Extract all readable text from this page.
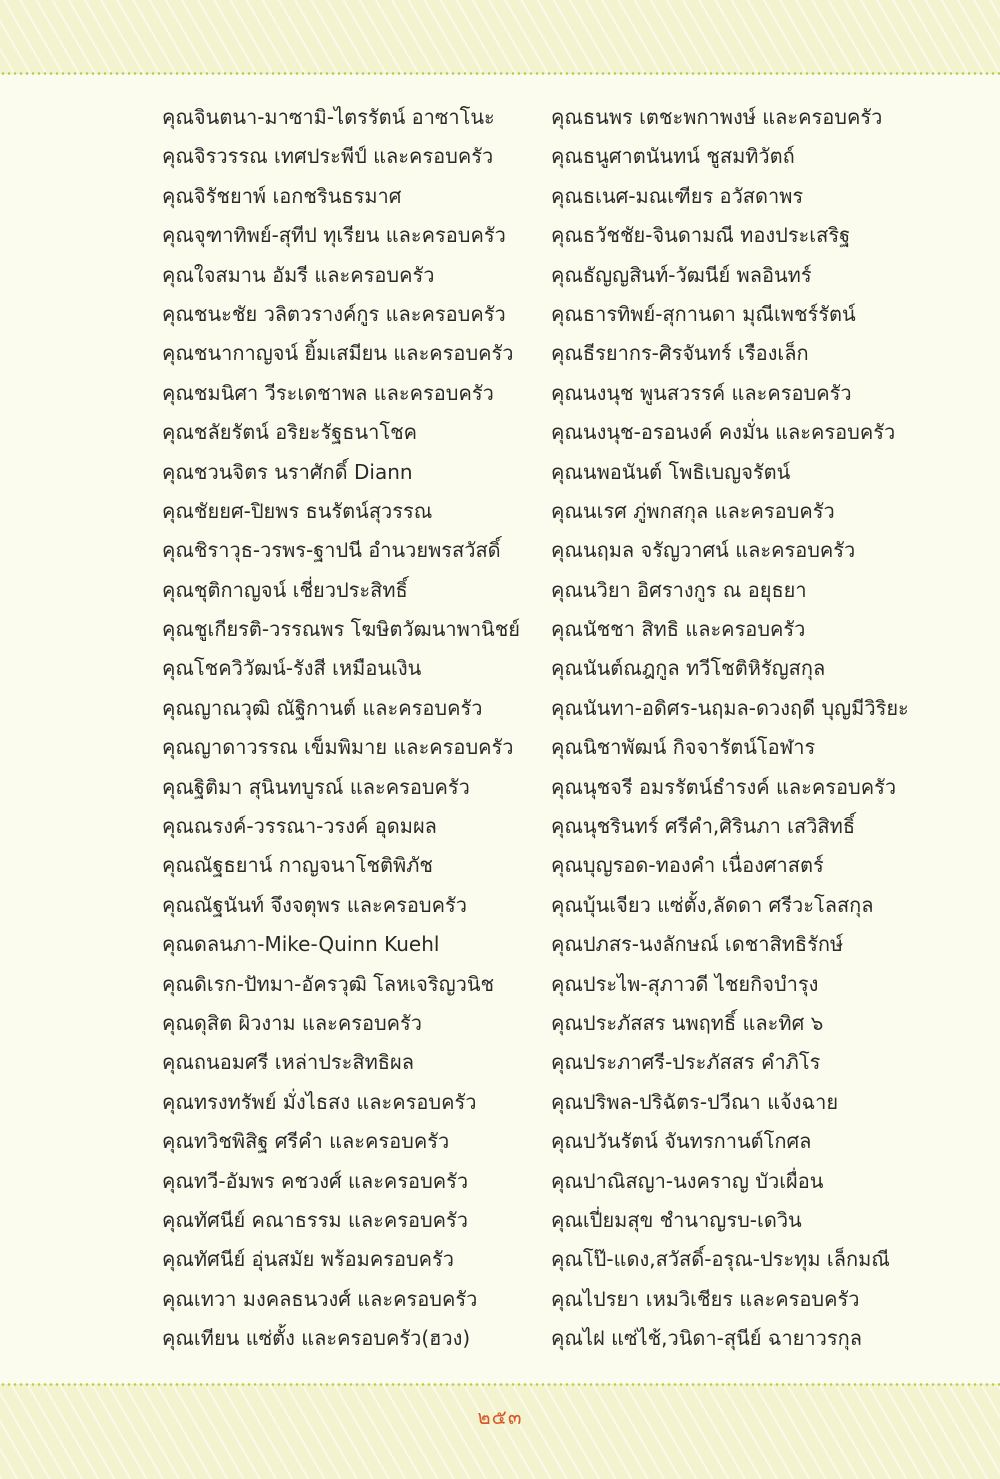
คุณจินตนา-มาซามิ-ไตรรัตน์ อาซาโนะ
คุณจิรวรรณ เทศประพีป์ และครอบครัว
คุณจิรัชยาพ์ เอกชรินธรมาศ
คุณจุฑาทิพย์-สุทีป ทุเรียน และครอบครัว
คุณใจสมาน อัมรี และครอบครัว
คุณชนะชัย วลิตวรางค์กูร และครอบครัว
คุณชนากาญจน์ ยิ้มเสมียน และครอบครัว
คุณชมนิศา วีระเดชาพล และครอบครัว
คุณชลัยรัตน์ อริยะรัฐธนาโชค
คุณชวนจิตร นราศักดิ์ Diann
คุณชัยยศ-ปิยพร ธนรัตน์สุวรรณ
คุณชิราวุธ-วรพร-ฐาปนี อำนวยพรสวัสดิ์
คุณชุติกาญจน์ เชี่ยวประสิทธิ์
คุณชูเกียรติ-วรรณพร โฆษิตวัฒนาพานิชย์
คุณโชควิวัฒน์-รังสี เหมือนเงิน
คุณญาณวุฒิ ณัฐิกานต์ และครอบครัว
คุณญาดาวรรณ เข็มพิมาย และครอบครัว
คุณฐิติมา สุนินทบูรณ์ และครอบครัว
คุณณรงค์-วรรณา-วรงค์ อุดมผล
คุณณัฐธยาน์ กาญจนาโชติพิภัช
คุณณัฐนันท์ จึงจตุพร และครอบครัว
คุณดลนภา-Mike-Quinn Kuehl
คุณดิเรก-ปัทมา-อัครวุฒิ โลหเจริญวนิช
คุณดุสิต ผิวงาม และครอบครัว
คุณถนอมศรี เหล่าประสิทธิผล
คุณทรงทรัพย์ มั่งไธสง และครอบครัว
คุณทวิชพิสิฐ ศรีคำ และครอบครัว
คุณทวี-อัมพร คชวงศ์ และครอบครัว
คุณทัศนีย์ คณาธรรม และครอบครัว
คุณทัศนีย์ อุ่นสมัย พร้อมครอบครัว
คุณเทวา มงคลธนวงศ์ และครอบครัว
คุณเทียน แซ่ตั้ง และครอบครัว(ฮวง)
คุณธนพร เตชะพกาพงษ์ และครอบครัว
คุณธนูศาตนันทน์ ชูสมทิวัตถ์
คุณธเนศ-มณเฑียร อวัสดาพร
คุณธวัชชัย-จินดามณี ทองประเสริฐ
คุณธัญญสินท์-วัฒนีย์ พลอินทร์
คุณธารทิพย์-สุกานดา มุณีเพชร์รัตน์
คุณธีรยากร-ศิรจันทร์ เรืองเล็ก
คุณนงนุช พูนสวรรค์ และครอบครัว
คุณนงนุช-อรอนงค์ คงมั่น และครอบครัว
คุณนพอนันต์ โพธิเบญจรัตน์
คุณนเรศ ภู่พกสกุล และครอบครัว
คุณนฤมล จรัญวาศน์ และครอบครัว
คุณนวิยา อิศรางกูร ณ อยุธยา
คุณนัชชา สิทธิ และครอบครัว
คุณนันต์ณฎกูล ทวีโชติหิรัญสกุล
คุณนันทา-อดิศร-นฤมล-ดวงฤดี บุญมีวิริยะ
คุณนิชาพัฒน์ กิจจารัตน์โอฬาร
คุณนุชจรี อมรรัตน์ธำรงค์ และครอบครัว
คุณนุชรินทร์ ศรีคำ,ศิรินภา เสวิสิทธิ์
คุณบุญรอด-ทองคำ เนื่องศาสตร์
คุณบุ้นเจียว แซ่ตั้ง,ลัดดา ศรีวะโลสกุล
คุณปภสร-นงลักษณ์ เดชาสิทธิรักษ์
คุณประไพ-สุภาวดี ไชยกิจบำรุง
คุณประภัสสร นพฤทธิ์ และทิศ ๖
คุณประภาศรี-ประภัสสร คำภิโร
คุณปริพล-ปริฉัตร-ปวีณา แจ้งฉาย
คุณปวันรัตน์ จันทรกานต์โกศล
คุณปาณิสญา-นงคราญ บัวเผื่อน
คุณเปี่ยมสุข ชำนาญรบ-เดวิน
คุณโป๊-แดง,สวัสดิ์-อรุณ-ประทุม เล็กมณี
คุณไปรยา เหมวิเชียร และครอบครัว
คุณไฝ แซ่ไช้,วนิดา-สุนีย์ ฉายาวรกุล
๒๕๓
